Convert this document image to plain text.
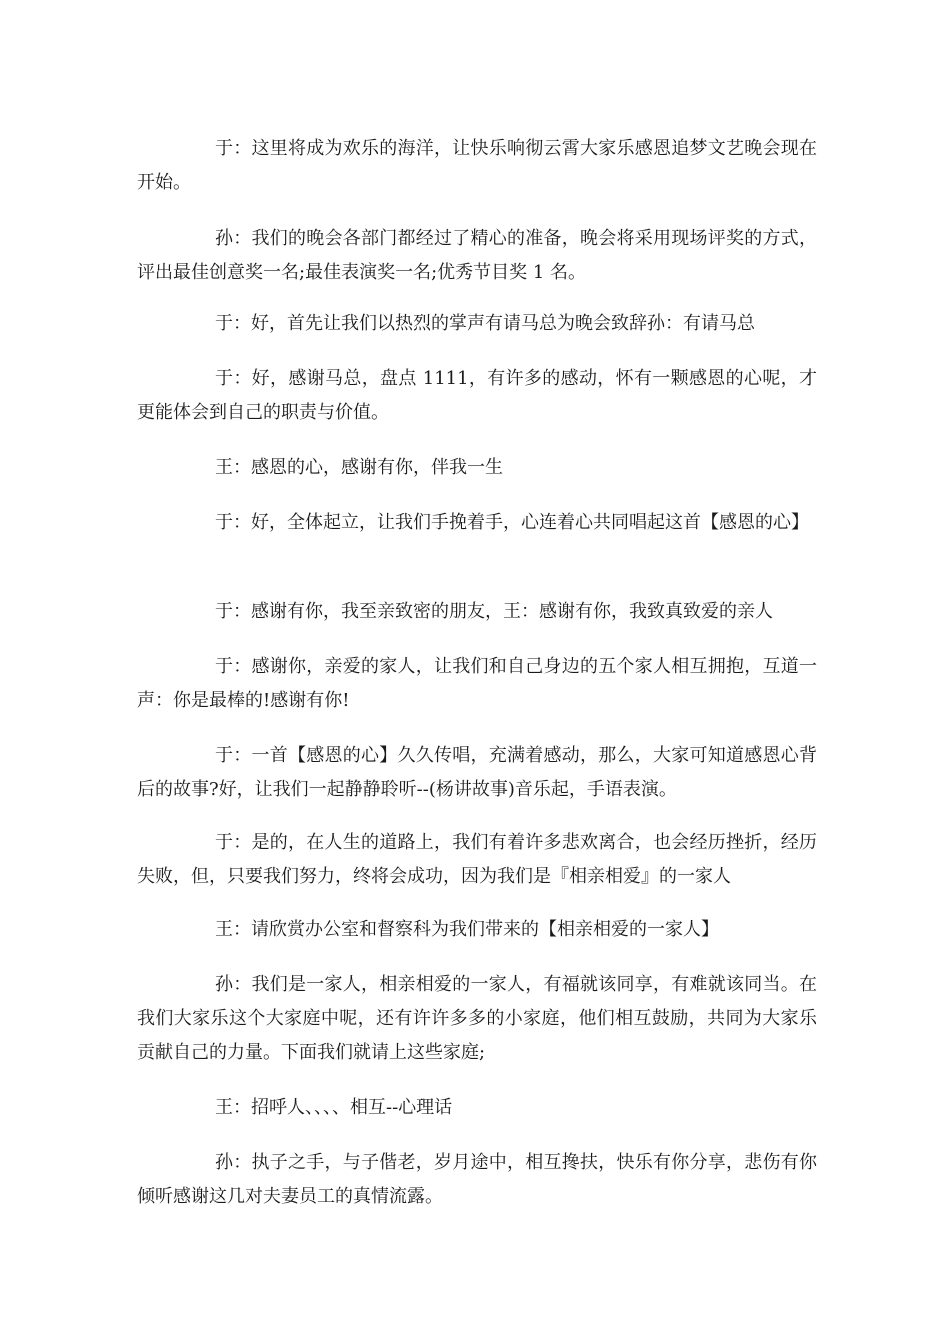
于：这里将成为欢乐的海洋，让快乐响彻云霄大家乐感恩追梦文艺晚会现在开始。

孙：我们的晚会各部门都经过了精心的准备，晚会将采用现场评奖的方式，评出最佳创意奖一名;最佳表演奖一名;优秀节目奖 1 名。

于：好，首先让我们以热烈的掌声有请马总为晚会致辞孙：有请马总

于：好，感谢马总，盘点 1111，有许多的感动，怀有一颗感恩的心呢，才更能体会到自己的职责与价值。

王：感恩的心，感谢有你，伴我一生

于：好，全体起立，让我们手挽着手，心连着心共同唱起这首【感恩的心】

于：感谢有你，我至亲致密的朋友，王：感谢有你，我致真致爱的亲人

于：感谢你，亲爱的家人，让我们和自己身边的五个家人相互拥抱，互道一声：你是最棒的!感谢有你!

于：一首【感恩的心】久久传唱，充满着感动，那么，大家可知道感恩心背后的故事?好，让我们一起静静聆听--(杨讲故事)音乐起，手语表演。

于：是的，在人生的道路上，我们有着许多悲欢离合，也会经历挫折，经历失败，但，只要我们努力，终将会成功，因为我们是『相亲相爱』的一家人

王：请欣赏办公室和督察科为我们带来的【相亲相爱的一家人】

孙：我们是一家人，相亲相爱的一家人，有福就该同享，有难就该同当。在我们大家乐这个大家庭中呢，还有许许多多的小家庭，他们相互鼓励，共同为大家乐贡献自己的力量。下面我们就请上这些家庭;

王：招呼人、、、、相互--心理话

孙：执子之手，与子偕老，岁月途中，相互搀扶，快乐有你分享，悲伤有你倾听感谢这几对夫妻员工的真情流露。
